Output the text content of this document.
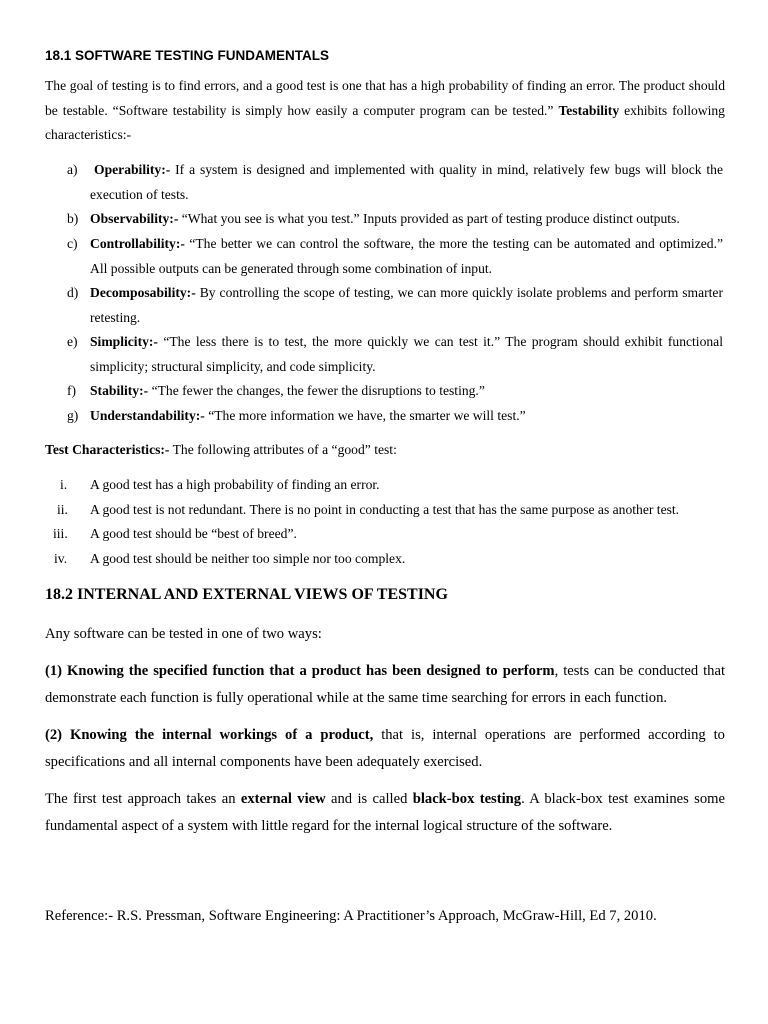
18.1 SOFTWARE TESTING FUNDAMENTALS
The goal of testing is to find errors, and a good test is one that has a high probability of finding an error. The product should
be testable. “Software testability is simply how easily a computer program can be tested.” Testability exhibits following
characteristics:-
a) Operability:- If a system is designed and implemented with quality in mind, relatively few bugs will block the
execution of tests.
b) Observability:- “What you see is what you test.” Inputs provided as part of testing produce distinct outputs.
c) Controllability:- “The better we can control the software, the more the testing can be automated and optimized.”
All possible outputs can be generated through some combination of input.
d) Decomposability:- By controlling the scope of testing, we can more quickly isolate problems and perform smarter
retesting.
e) Simplicity:- “The less there is to test, the more quickly we can test it.” The program should exhibit functional
simplicity; structural simplicity, and code simplicity.
f) Stability:- “The fewer the changes, the fewer the disruptions to testing.”
g) Understandability:- “The more information we have, the smarter we will test.”
Test Characteristics:- The following attributes of a “good” test:
i. A good test has a high probability of finding an error.
ii. A good test is not redundant. There is no point in conducting a test that has the same purpose as another test.
iii. A good test should be “best of breed”.
iv. A good test should be neither too simple nor too complex.
18.2 INTERNAL AND EXTERNAL VIEWS OF TESTING
Any software can be tested in one of two ways:
(1) Knowing the specified function that a product has been designed to perform, tests can be conducted that
demonstrate each function is fully operational while at the same time searching for errors in each function.
(2) Knowing the internal workings of a product, that is, internal operations are performed according to
specifications and all internal components have been adequately exercised.
The first test approach takes an external view and is called black-box testing. A black-box test examines some
fundamental aspect of a system with little regard for the internal logical structure of the software.
Reference:- R.S. Pressman, Software Engineering: A Practitioner’s Approach, McGraw-Hill, Ed 7, 2010.
